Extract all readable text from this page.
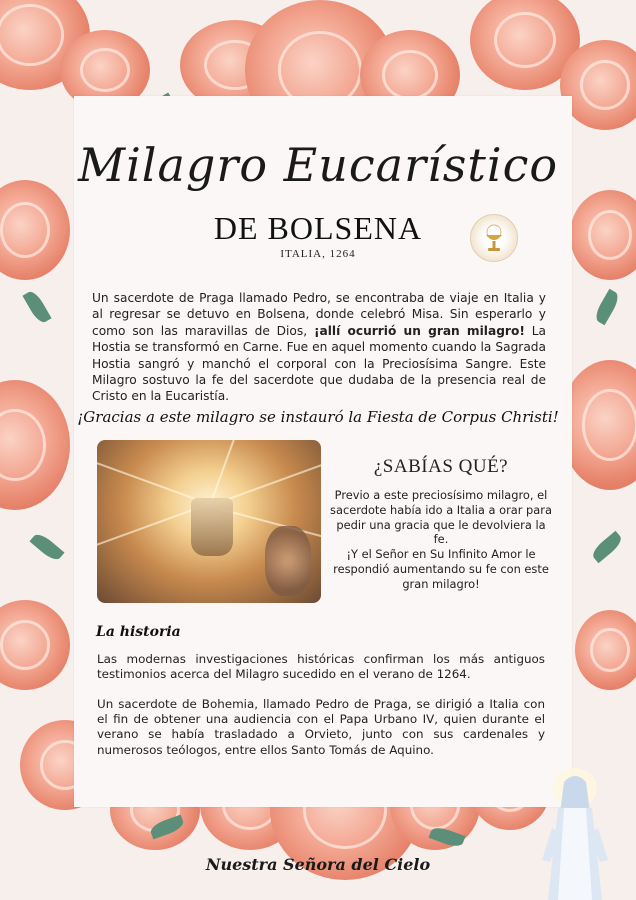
Milagro Eucarístico
DE BOLSENA
ITALIA, 1264
Un sacerdote de Praga llamado Pedro, se encontraba de viaje en Italia y al regresar se detuvo en Bolsena, donde celebró Misa. Sin esperarlo y como son las maravillas de Dios, ¡allí ocurrió un gran milagro! La Hostia se transformó en Carne. Fue en aquel momento cuando la Sagrada Hostia sangró y manchó el corporal con la Preciosísima Sangre. Este Milagro sostuvo la fe del sacerdote que dudaba de la presencia real de Cristo en la Eucaristía.
¡Gracias a este milagro se instauró la Fiesta de Corpus Christi!
¿SABÍAS QUÉ?
Previo a este preciosísimo milagro, el sacerdote había ido a Italia a orar para pedir una gracia que le devolviera la fe.
¡Y el Señor en Su Infinito Amor le respondió aumentando su fe con este gran milagro!
La historia
Las modernas investigaciones históricas confirman los más antiguos testimonios acerca del Milagro sucedido en el verano de 1264.
Un sacerdote de Bohemia, llamado Pedro de Praga, se dirigió a Italia con el fin de obtener una audiencia con el Papa Urbano IV, quien durante el verano se había trasladado a Orvieto, junto con sus cardenales y numerosos teólogos, entre ellos Santo Tomás de Aquino.
Nuestra Señora del Cielo
